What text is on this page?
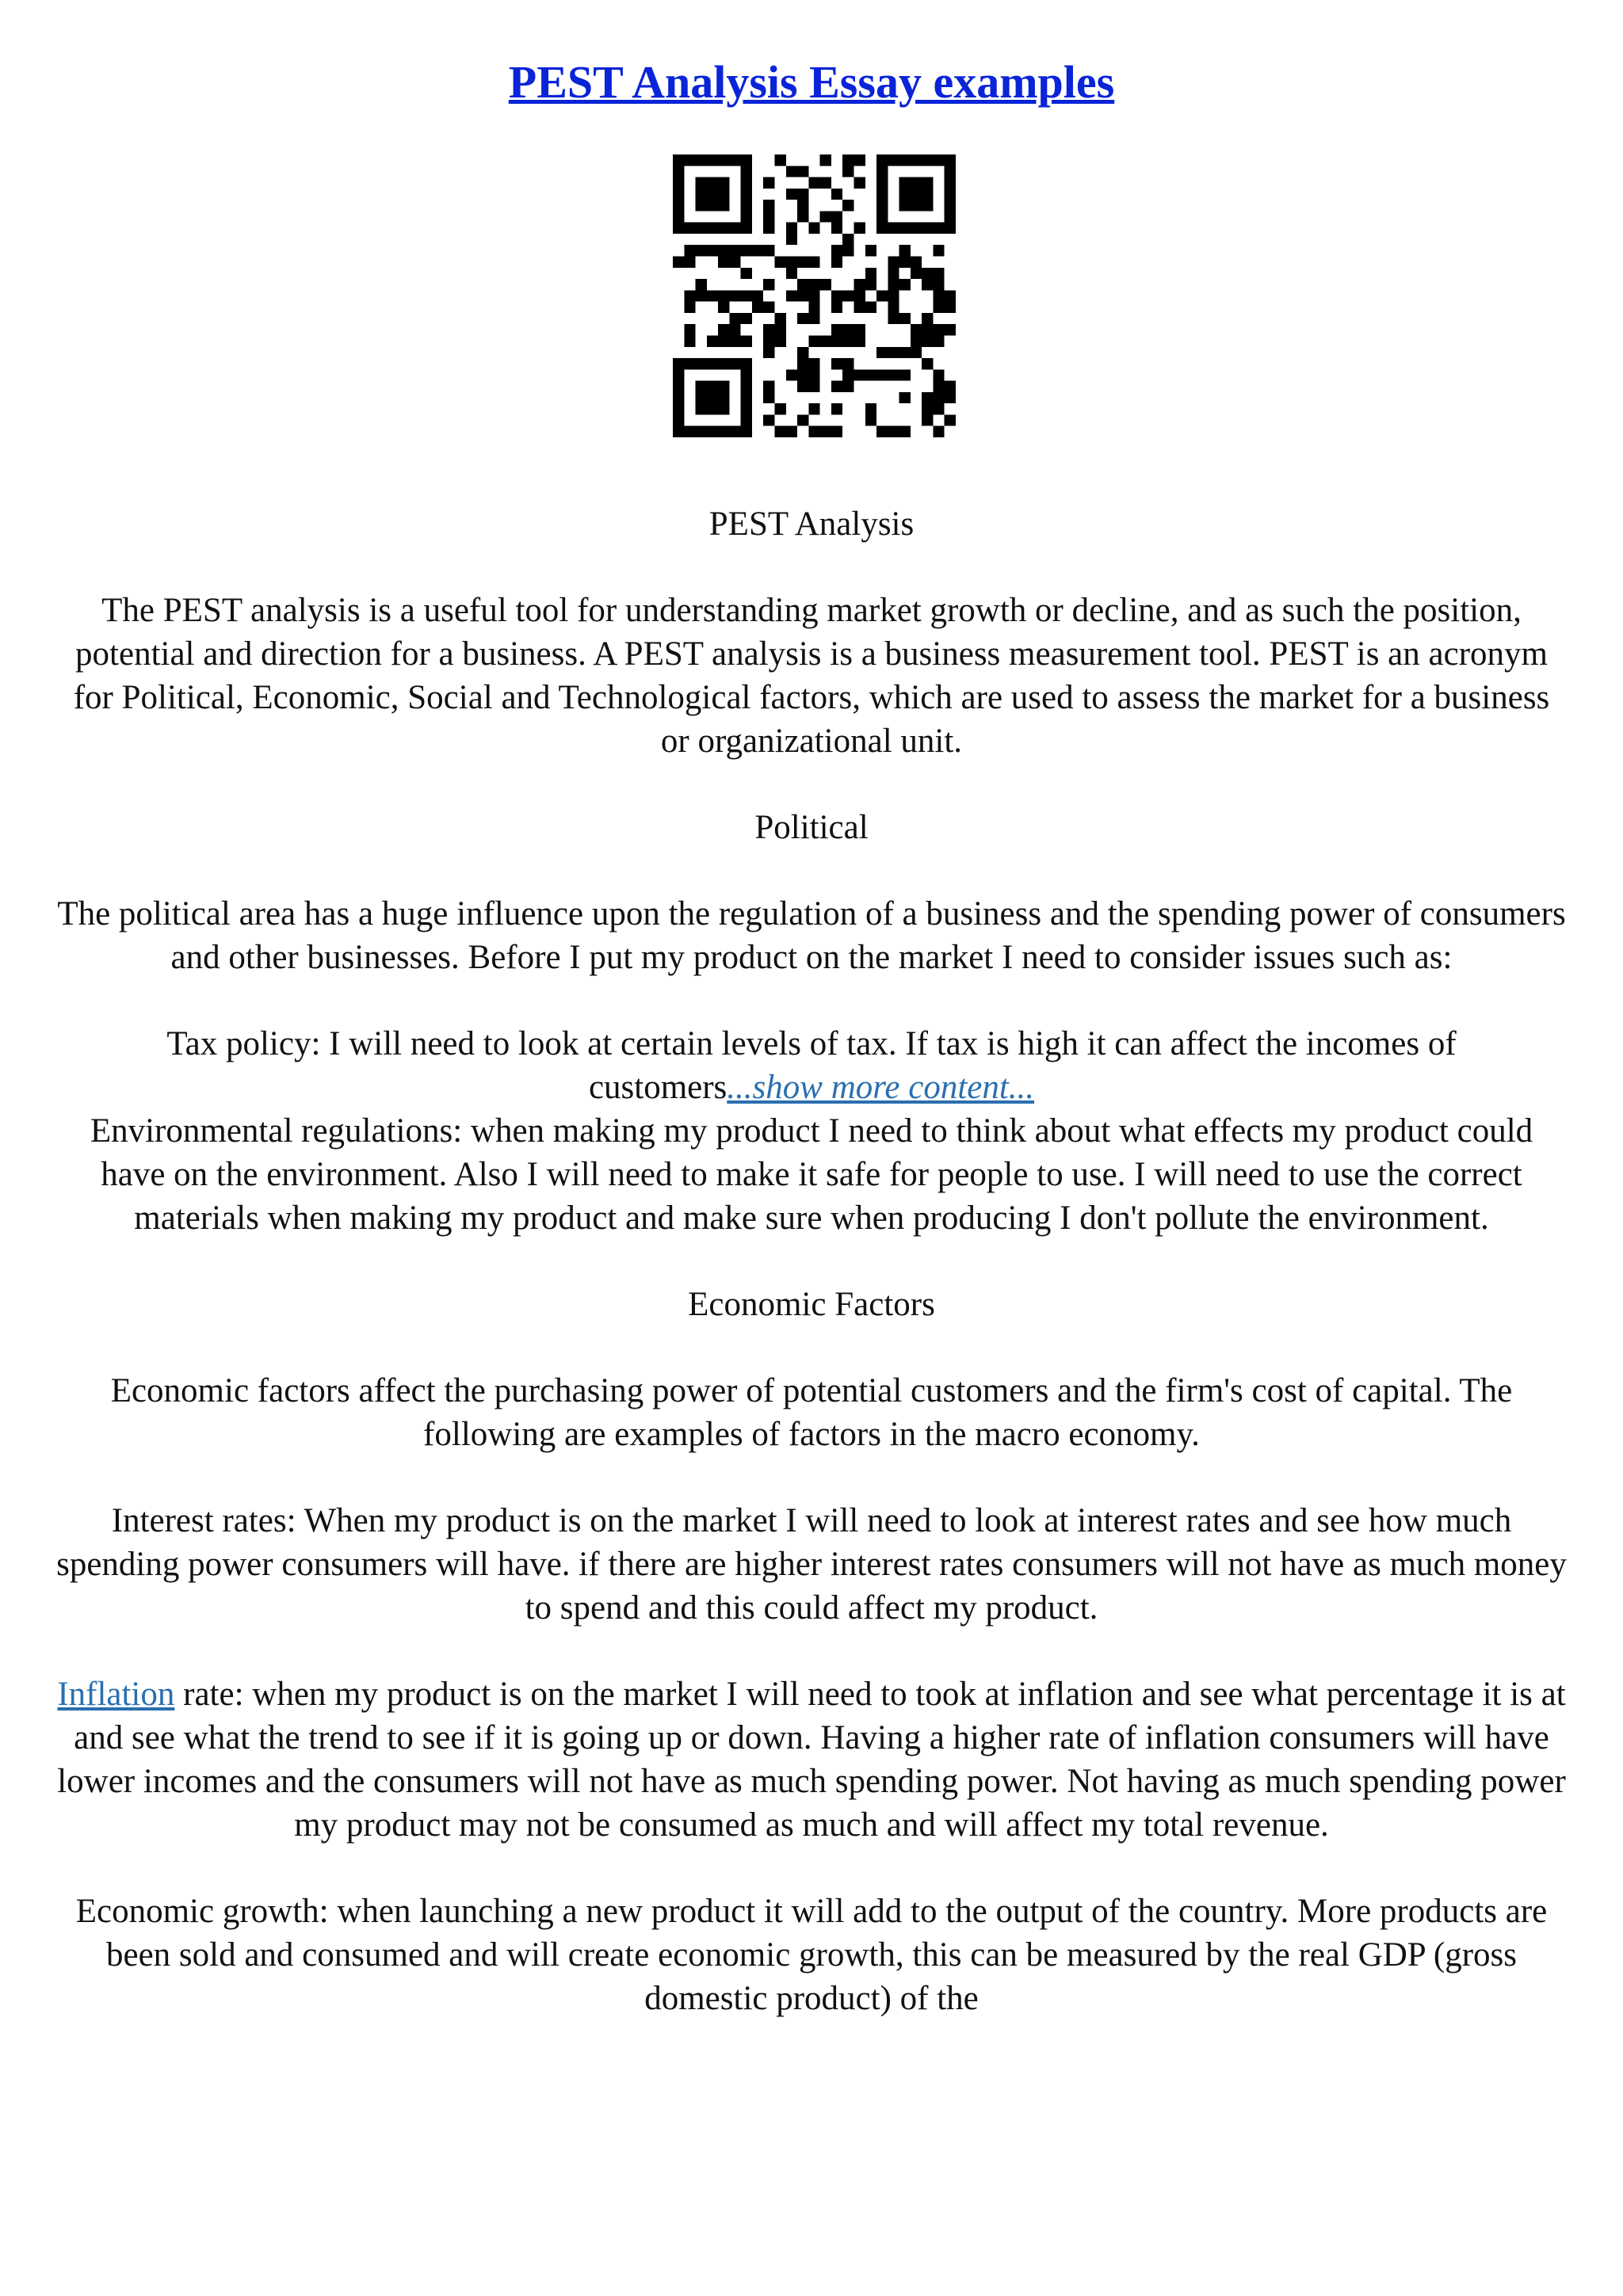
PEST Analysis Essay examples

PEST Analysis

The PEST analysis is a useful tool for understanding market growth or decline, and as such the position, potential and direction for a business. A PEST analysis is a business measurement tool. PEST is an acronym for Political, Economic, Social and Technological factors, which are used to assess the market for a business or organizational unit.

Political

The political area has a huge influence upon the regulation of a business and the spending power of consumers and other businesses. Before I put my product on the market I need to consider issues such as:

Tax policy: I will need to look at certain levels of tax. If tax is high it can affect the incomes of customers...show more content...

Environmental regulations: when making my product I need to think about what effects my product could have on the environment. Also I will need to make it safe for people to use. I will need to use the correct materials when making my product and make sure when producing I don't pollute the environment.

Economic Factors

Economic factors affect the purchasing power of potential customers and the firm's cost of capital. The following are examples of factors in the macro economy.

Interest rates: When my product is on the market I will need to look at interest rates and see how much spending power consumers will have. if there are higher interest rates consumers will not have as much money to spend and this could affect my product.

Inflation rate: when my product is on the market I will need to took at inflation and see what percentage it is at and see what the trend to see if it is going up or down. Having a higher rate of inflation consumers will have lower incomes and the consumers will not have as much spending power. Not having as much spending power my product may not be consumed as much and will affect my total revenue.

Economic growth: when launching a new product it will add to the output of the country. More products are been sold and consumed and will create economic growth, this can be measured by the real GDP (gross domestic product) of the
